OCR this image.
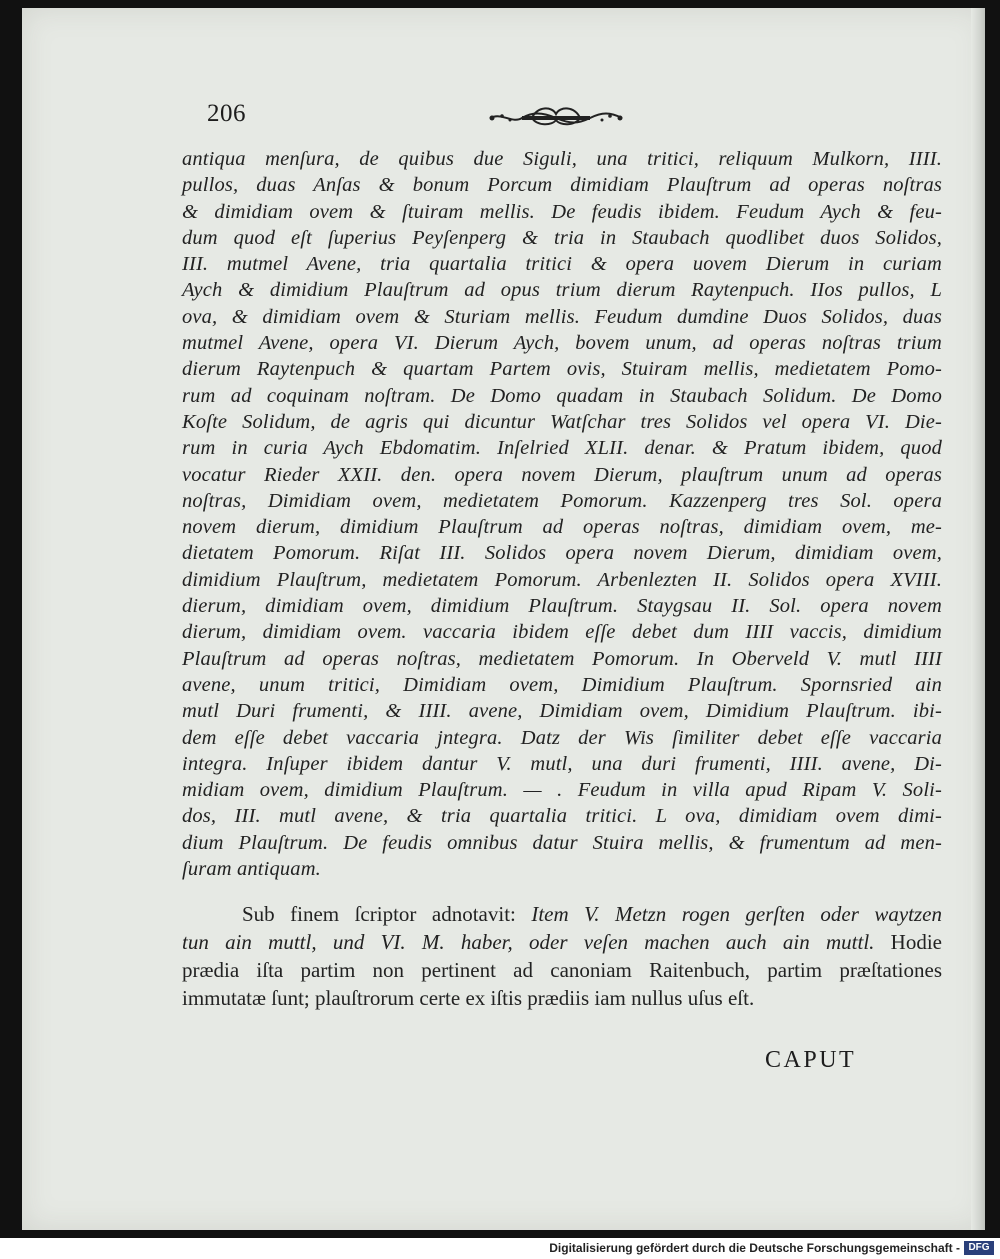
206
antiqua menſura, de quibus due Siguli, una tritici, reliquum Mulkorn, IIII.
pullos, duas Anſas & bonum Porcum dimidiam Plauſtrum ad operas noſtras
& dimidiam ovem & ſtuiram mellis. De feudis ibidem. Feudum Aych & feu-
dum quod eſt ſuperius Peyſenperg & tria in Staubach quodlibet duos Solidos,
III. mutmel Avene, tria quartalia tritici & opera uovem Dierum in curiam
Aych & dimidium Plauſtrum ad opus trium dierum Raytenpuch. IIos pullos, L
ova, & dimidiam ovem & Sturiam mellis. Feudum dumdine Duos Solidos, duas
mutmel Avene, opera VI. Dierum Aych, bovem unum, ad operas noſtras trium
dierum Raytenpuch & quartam Partem ovis, Stuiram mellis, medietatem Pomo-
rum ad coquinam noſtram. De Domo quadam in Staubach Solidum. De Domo
Koſte Solidum, de agris qui dicuntur Watſchar tres Solidos vel opera VI. Die-
rum in curia Aych Ebdomatim. Inſelried XLII. denar. & Pratum ibidem, quod
vocatur Rieder XXII. den. opera novem Dierum, plauſtrum unum ad operas
noſtras, Dimidiam ovem, medietatem Pomorum. Kazzenperg tres Sol. opera
novem dierum, dimidium Plauſtrum ad operas noſtras, dimidiam ovem, me-
dietatem Pomorum. Riſat III. Solidos opera novem Dierum, dimidiam ovem,
dimidium Plauſtrum, medietatem Pomorum. Arbenlezten II. Solidos opera XVIII.
dierum, dimidiam ovem, dimidium Plauſtrum. Staygsau II. Sol. opera novem
dierum, dimidiam ovem. vaccaria ibidem eſſe debet dum IIII vaccis, dimidium
Plauſtrum ad operas noſtras, medietatem Pomorum. In Oberveld V. mutl IIII
avene, unum tritici, Dimidiam ovem, Dimidium Plauſtrum. Spornsried ain
mutl Duri frumenti, & IIII. avene, Dimidiam ovem, Dimidium Plauſtrum. ibi-
dem eſſe debet vaccaria jntegra. Datz der Wis ſimiliter debet eſſe vaccaria
integra. Inſuper ibidem dantur V. mutl, una duri frumenti, IIII. avene, Di-
midiam ovem, dimidium Plauſtrum. — . Feudum in villa apud Ripam V. Soli-
dos, III. mutl avene, & tria quartalia tritici. L ova, dimidiam ovem dimi-
dium Plauſtrum. De feudis omnibus datur Stuira mellis, & frumentum ad men-
ſuram antiquam.
Sub finem ſcriptor adnotavit: Item V. Metzn rogen gerſten oder waytzen
tun ain muttl, und VI. M. haber, oder veſen machen auch ain muttl. Hodie
prædia iſta partim non pertinent ad canoniam Raitenbuch, partim præſtationes
immutatæ ſunt; plauſtrorum certe ex iſtis prædiis iam nullus uſus eſt.
CAPUT
Digitalisierung gefördert durch die Deutsche Forschungsgemeinschaft - DFG
